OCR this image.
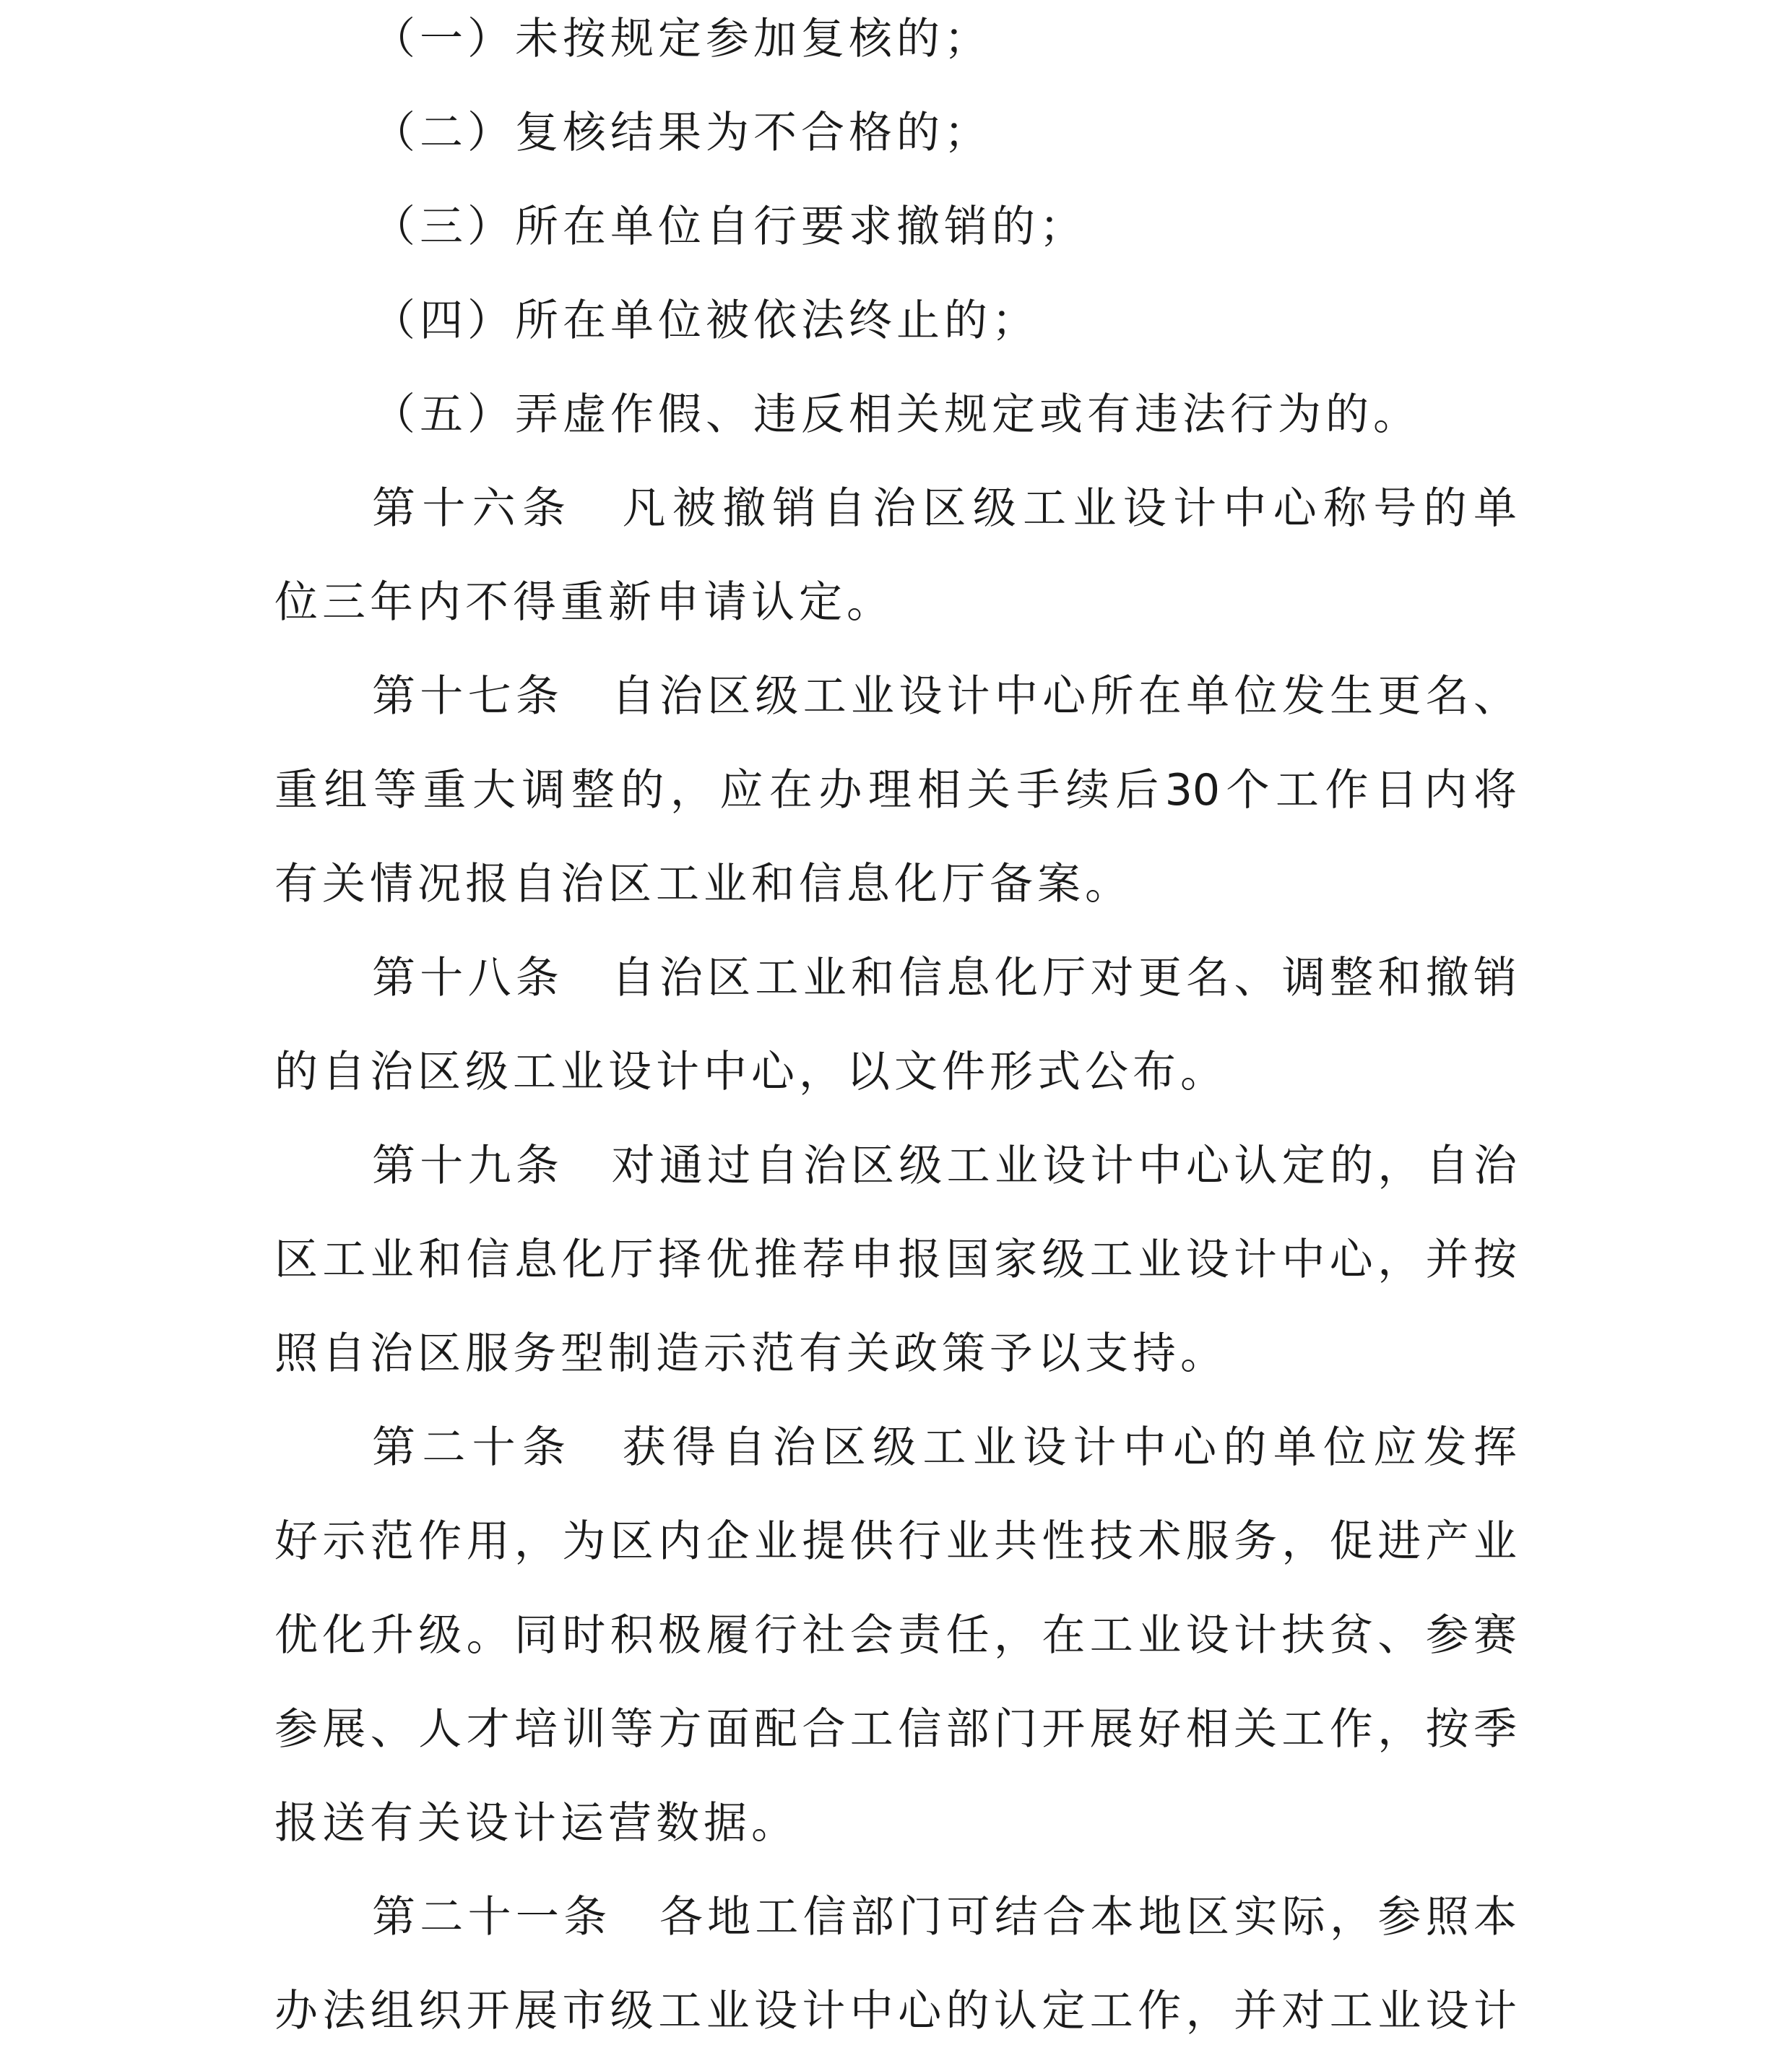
（一）未按规定参加复核的；
（二）复核结果为不合格的；
（三）所在单位自行要求撤销的；
（四）所在单位被依法终止的；
（五）弄虚作假、违反相关规定或有违法行为的。
第十六条　凡被撤销自治区级工业设计中心称号的单
位三年内不得重新申请认定。
第十七条　自治区级工业设计中心所在单位发生更名、
重组等重大调整的，应在办理相关手续后30个工作日内将
有关情况报自治区工业和信息化厅备案。
第十八条　自治区工业和信息化厅对更名、调整和撤销
的自治区级工业设计中心，以文件形式公布。
第十九条　对通过自治区级工业设计中心认定的，自治
区工业和信息化厅择优推荐申报国家级工业设计中心，并按
照自治区服务型制造示范有关政策予以支持。
第二十条　获得自治区级工业设计中心的单位应发挥
好示范作用，为区内企业提供行业共性技术服务，促进产业
优化升级。同时积极履行社会责任，在工业设计扶贫、参赛
参展、人才培训等方面配合工信部门开展好相关工作，按季
报送有关设计运营数据。
第二十一条　各地工信部门可结合本地区实际，参照本
办法组织开展市级工业设计中心的认定工作，并对工业设计
